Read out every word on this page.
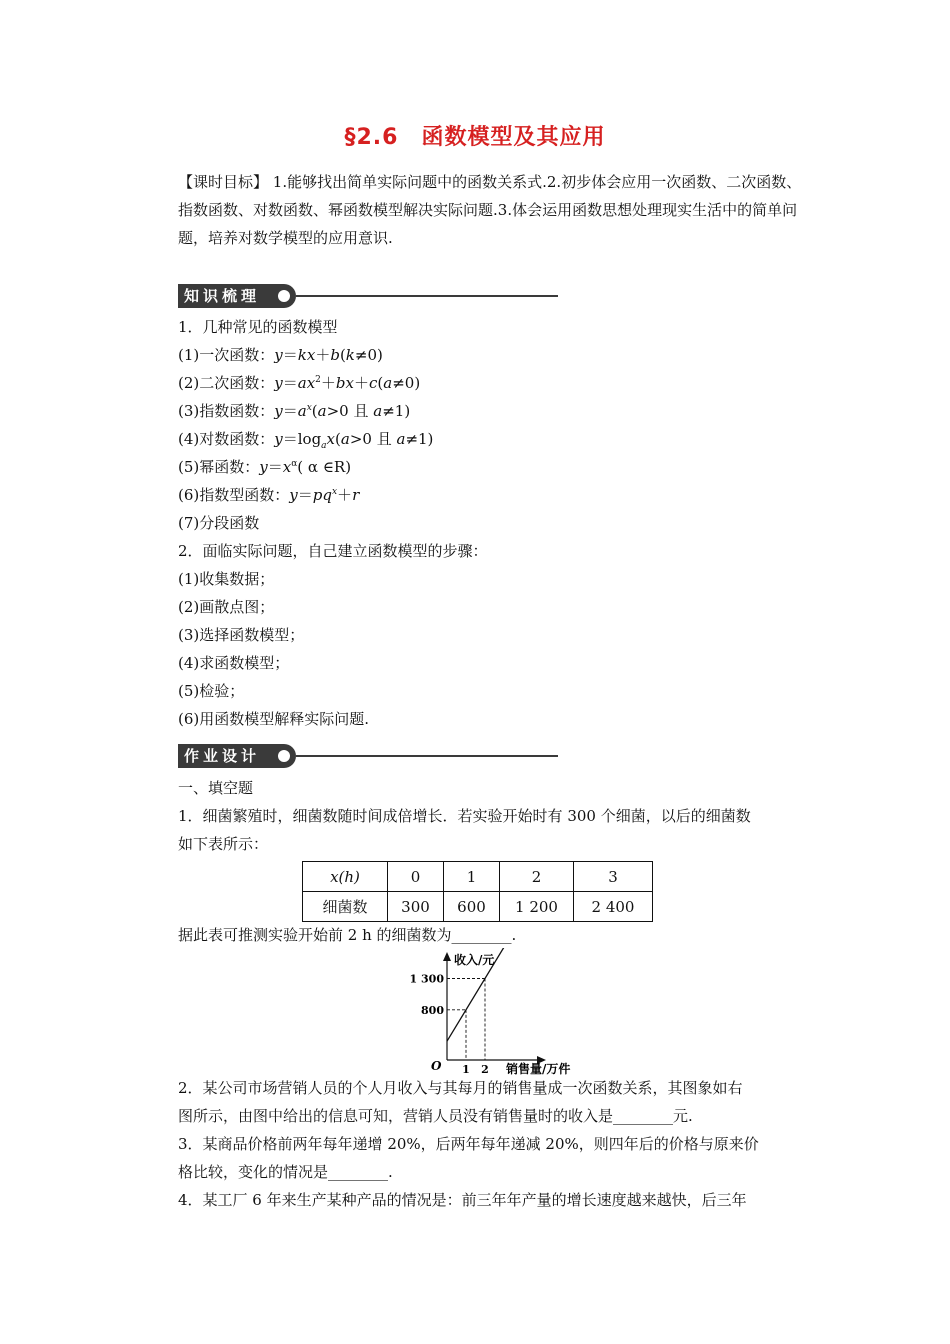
§2.6　函数模型及其应用
【课时目标】 1.能够找出简单实际问题中的函数关系式.2.初步体会应用一次函数、二次函数、指数函数、对数函数、幂函数模型解决实际问题.3.体会运用函数思想处理现实生活中的简单问题，培养对数学模型的应用意识.
知识梳理
1．几种常见的函数模型
(1)一次函数：y＝kx＋b(k≠0)
(2)二次函数：$y=ax^2+bx+c(a\ne 0)$
(3)指数函数：$y=a^x(a>0$ 且 a≠1)
(4)对数函数：$y=\log_ax(a>0$ 且 a≠1)
(5)幂函数：$y=x^\alpha$( α ∈R)
(6)指数型函数：$y=pq^x+r$
(7)分段函数
2．面临实际问题，自己建立函数模型的步骤：
(1)收集数据；
(2)画散点图；
(3)选择函数模型；
(4)求函数模型；
(5)检验；
(6)用函数模型解释实际问题.
作业设计
一、填空题
1．细菌繁殖时，细菌数随时间成倍增长．若实验开始时有 300 个细菌，以后的细菌数
如下表所示：
x(h)	0	1	2	3
细菌数	300	600	1 200	2 400
据此表可推测实验开始前 2 h 的细菌数为________.
收入/元
销售量/万件
O
800
1
1 300
2
2．某公司市场营销人员的个人月收入与其每月的销售量成一次函数关系，其图象如右
图所示，由图中给出的信息可知，营销人员没有销售量时的收入是________元.
3．某商品价格前两年每年递增 20%，后两年每年递减 20%，则四年后的价格与原来价
格比较，变化的情况是________.
4．某工厂 6 年来生产某种产品的情况是：前三年年产量的增长速度越来越快，后三年
